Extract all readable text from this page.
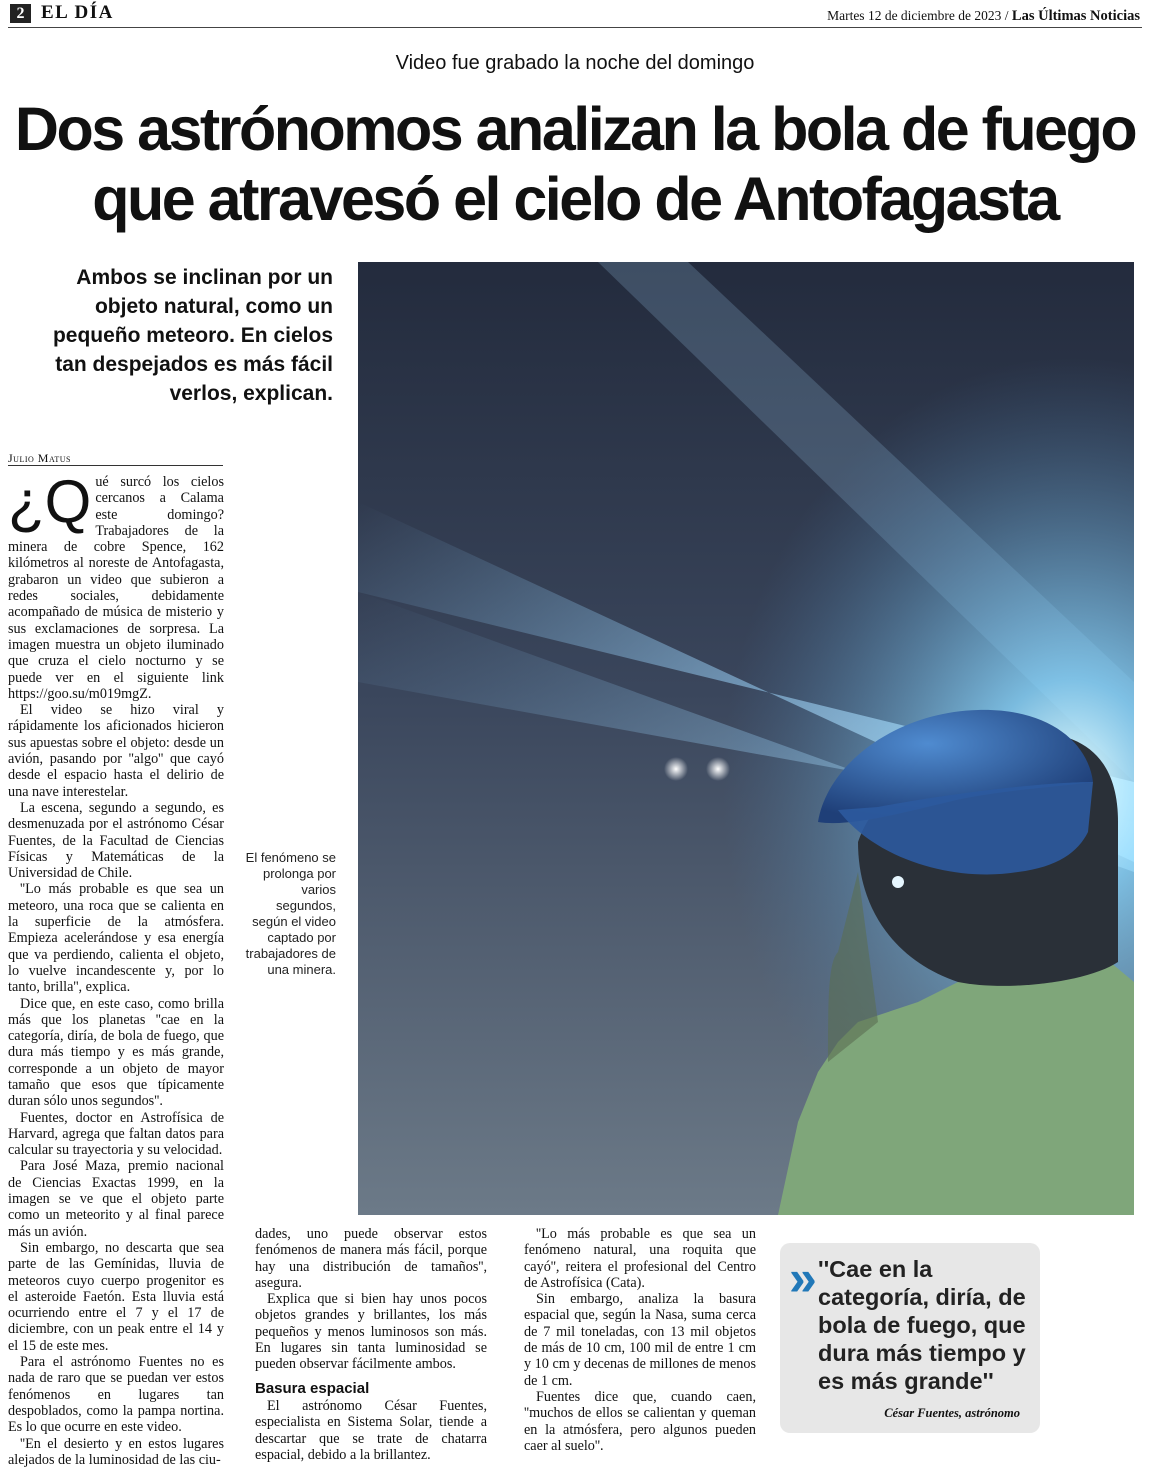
2 EL DÍA	Martes 12 de diciembre de 2023 / Las Últimas Noticias
Video fue grabado la noche del domingo
Dos astrónomos analizan la bola de fuego
que atravesó el cielo de Antofagasta
Ambos se inclinan por un objeto natural, como un pequeño meteoro. En cielos tan despejados es más fácil verlos, explican.
Julio Matus
¿Q ué surcó los cielos cercanos a Calama este domingo? Trabajadores de la minera de cobre Spence, 162 kilómetros al noreste de Antofagasta, grabaron un video que subieron a redes sociales, debidamente acompañado de música de misterio y sus exclamaciones de sorpresa. La imagen muestra un objeto iluminado que cruza el cielo nocturno y se puede ver en el siguiente link https://goo.su/m019mgZ.

El video se hizo viral y rápidamente los aficionados hicieron sus apuestas sobre el objeto: desde un avión, pasando por ''algo'' que cayó desde el espacio hasta el delirio de una nave interestelar.

La escena, segundo a segundo, es desmenuzada por el astrónomo César Fuentes, de la Facultad de Ciencias Físicas y Matemáticas de la Universidad de Chile.

''Lo más probable es que sea un meteoro, una roca que se calienta en la superficie de la atmósfera. Empieza acelerándose y esa energía que va perdiendo, calienta el objeto, lo vuelve incandescente y, por lo tanto, brilla'', explica.

Dice que, en este caso, como brilla más que los planetas ''cae en la categoría, diría, de bola de fuego, que dura más tiempo y es más grande, corresponde a un objeto de mayor tamaño que esos que típicamente duran sólo unos segundos''.

Fuentes, doctor en Astrofísica de Harvard, agrega que faltan datos para calcular su trayectoria y su velocidad.

Para José Maza, premio nacional de Ciencias Exactas 1999, en la imagen se ve que el objeto parte como un meteorito y al final parece más un avión.

Sin embargo, no descarta que sea parte de las Gemínidas, lluvia de meteoros cuyo cuerpo progenitor es el asteroide Faetón. Esta lluvia está ocurriendo entre el 7 y el 17 de diciembre, con un peak entre el 14 y el 15 de este mes.

Para el astrónomo Fuentes no es nada de raro que se puedan ver estos fenómenos en lugares tan despoblados, como la pampa nortina. Es lo que ocurre en este video.

''En el desierto y en estos lugares alejados de la luminosidad de las ciu-

El fenómeno se prolonga por varios segundos, según el video captado por trabajadores de una minera.

dades, uno puede observar estos fenómenos de manera más fácil, porque hay una distribución de tamaños'', asegura.

Explica que si bien hay unos pocos objetos grandes y brillantes, los más pequeños y menos luminosos son más. En lugares sin tanta luminosidad se pueden observar fácilmente ambos.

Basura espacial

El astrónomo César Fuentes, especialista en Sistema Solar, tiende a descartar que se trate de chatarra espacial, debido a la brillantez.

''Lo más probable es que sea un fenómeno natural, una roquita que cayó'', reitera el profesional del Centro de Astrofísica (Cata).

Sin embargo, analiza la basura espacial que, según la Nasa, suma cerca de 7 mil toneladas, con 13 mil objetos de más de 10 cm, 100 mil de entre 1 cm y 10 cm y decenas de millones de menos de 1 cm.

Fuentes dice que, cuando caen, ''muchos de ellos se calientan y queman en la atmósfera, pero algunos pueden caer al suelo''.

» ''Cae en la categoría, diría, de bola de fuego, que dura más tiempo y es más grande''
César Fuentes, astrónomo
